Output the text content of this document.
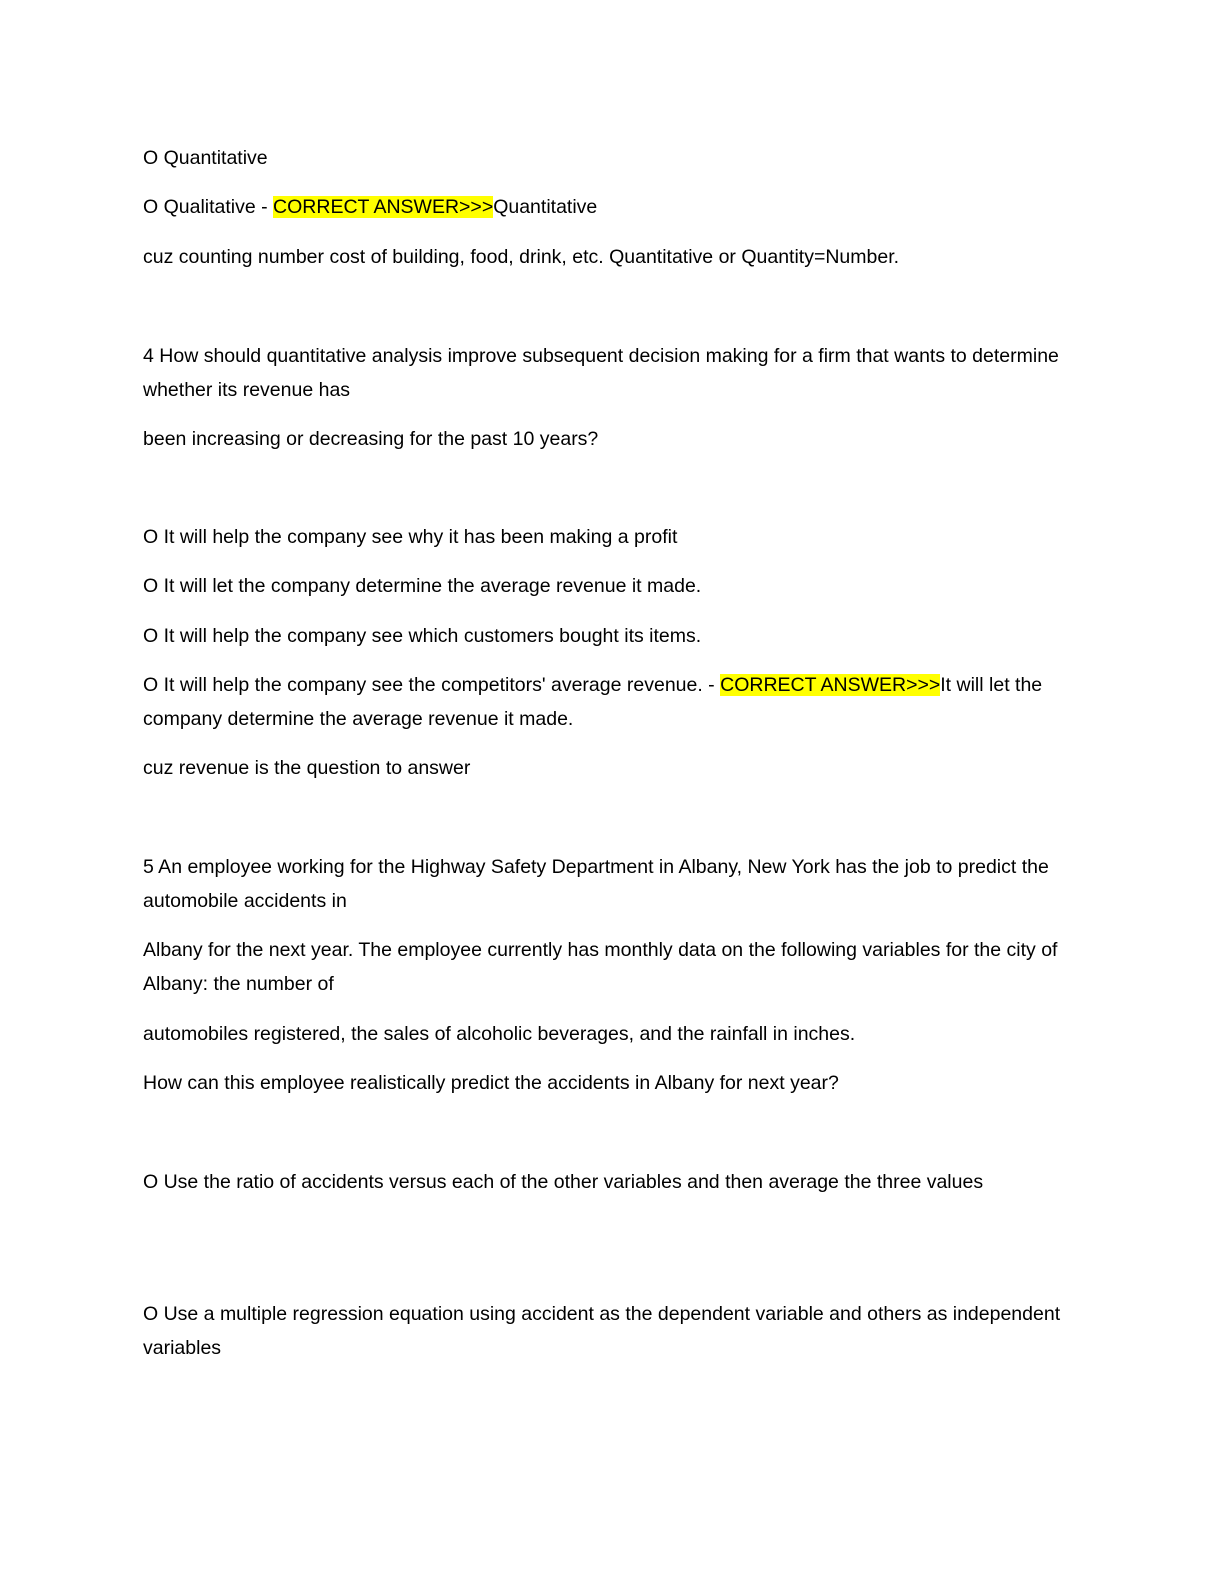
O Quantitative

O Qualitative - CORRECT ANSWER>>>Quantitative

cuz counting number cost of building, food, drink, etc. Quantitative or Quantity=Number.

4 How should quantitative analysis improve subsequent decision making for a firm that wants to determine whether its revenue has

been increasing or decreasing for the past 10 years?

O It will help the company see why it has been making a profit

O It will let the company determine the average revenue it made.

O It will help the company see which customers bought its items.

O It will help the company see the competitors' average revenue. - CORRECT ANSWER>>>It will let the company determine the average revenue it made.

cuz revenue is the question to answer

5 An employee working for the Highway Safety Department in Albany, New York has the job to predict the automobile accidents in

Albany for the next year. The employee currently has monthly data on the following variables for the city of Albany: the number of

automobiles registered, the sales of alcoholic beverages, and the rainfall in inches.

How can this employee realistically predict the accidents in Albany for next year?

O Use the ratio of accidents versus each of the other variables and then average the three values

O Use a multiple regression equation using accident as the dependent variable and others as independent variables
